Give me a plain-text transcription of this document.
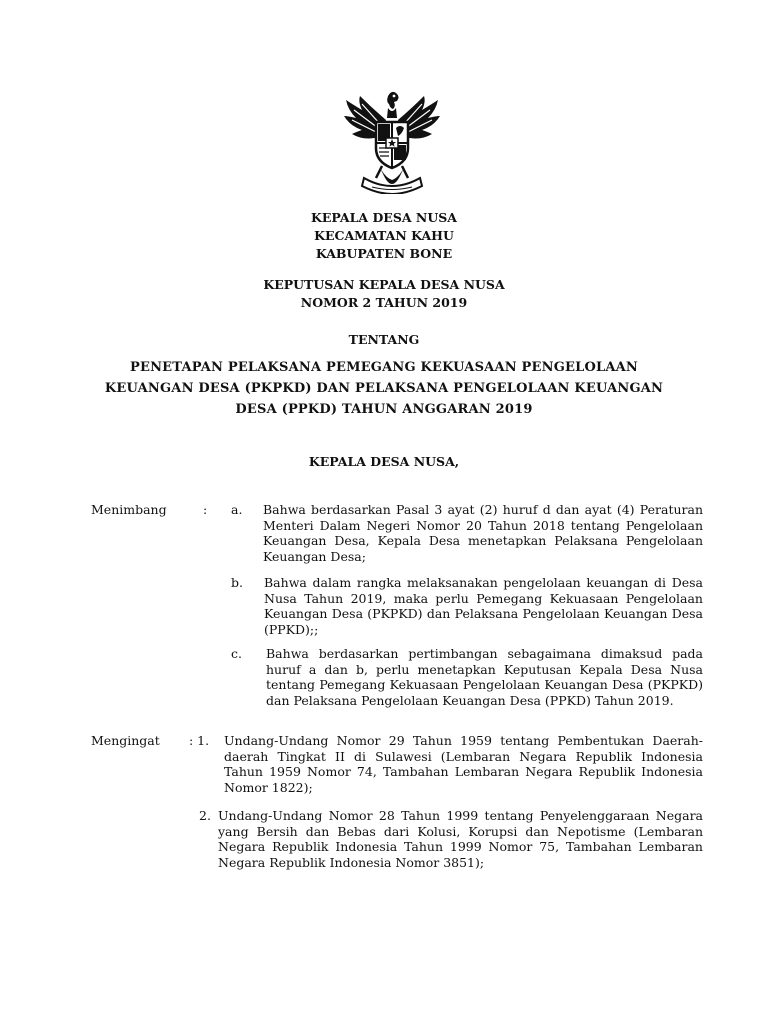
KEPALA DESA NUSA
KECAMATAN KAHU
KABUPATEN BONE
KEPUTUSAN KEPALA DESA NUSA
NOMOR 2 TAHUN 2019
TENTANG
PENETAPAN PELAKSANA PEMEGANG KEKUASAAN PENGELOLAAN
KEUANGAN DESA (PKPKD) DAN PELAKSANA PENGELOLAAN KEUANGAN
DESA (PPKD) TAHUN ANGGARAN 2019
KEPALA DESA NUSA,
Menimbang	: a. Bahwa berdasarkan Pasal 3 ayat (2) huruf d dan ayat (4) Peraturan Menteri Dalam Negeri Nomor 20 Tahun 2018 tentang Pengelolaan Keuangan Desa, Kepala Desa menetapkan Pelaksana Pengelolaan Keuangan Desa;
b. Bahwa dalam rangka melaksanakan pengelolaan keuangan di Desa Nusa Tahun 2019, maka perlu Pemegang Kekuasaan Pengelolaan Keuangan Desa (PKPKD) dan Pelaksana Pengelolaan Keuangan Desa (PPKD);;
c. Bahwa berdasarkan pertimbangan sebagaimana dimaksud pada huruf a dan b, perlu menetapkan Keputusan Kepala Desa Nusa tentang Pemegang Kekuasaan Pengelolaan Keuangan Desa (PKPKD) dan Pelaksana Pengelolaan Keuangan Desa (PPKD) Tahun 2019.
Mengingat : 1. Undang-Undang Nomor 29 Tahun 1959 tentang Pembentukan Daerah-daerah Tingkat II di Sulawesi (Lembaran Negara Republik Indonesia Tahun 1959 Nomor 74, Tambahan Lembaran Negara Republik Indonesia Nomor 1822);
2. Undang-Undang Nomor 28 Tahun 1999 tentang Penyelenggaraan Negara yang Bersih dan Bebas dari Kolusi, Korupsi dan Nepotisme (Lembaran Negara Republik Indonesia Tahun 1999 Nomor 75, Tambahan Lembaran Negara Republik Indonesia Nomor 3851);
